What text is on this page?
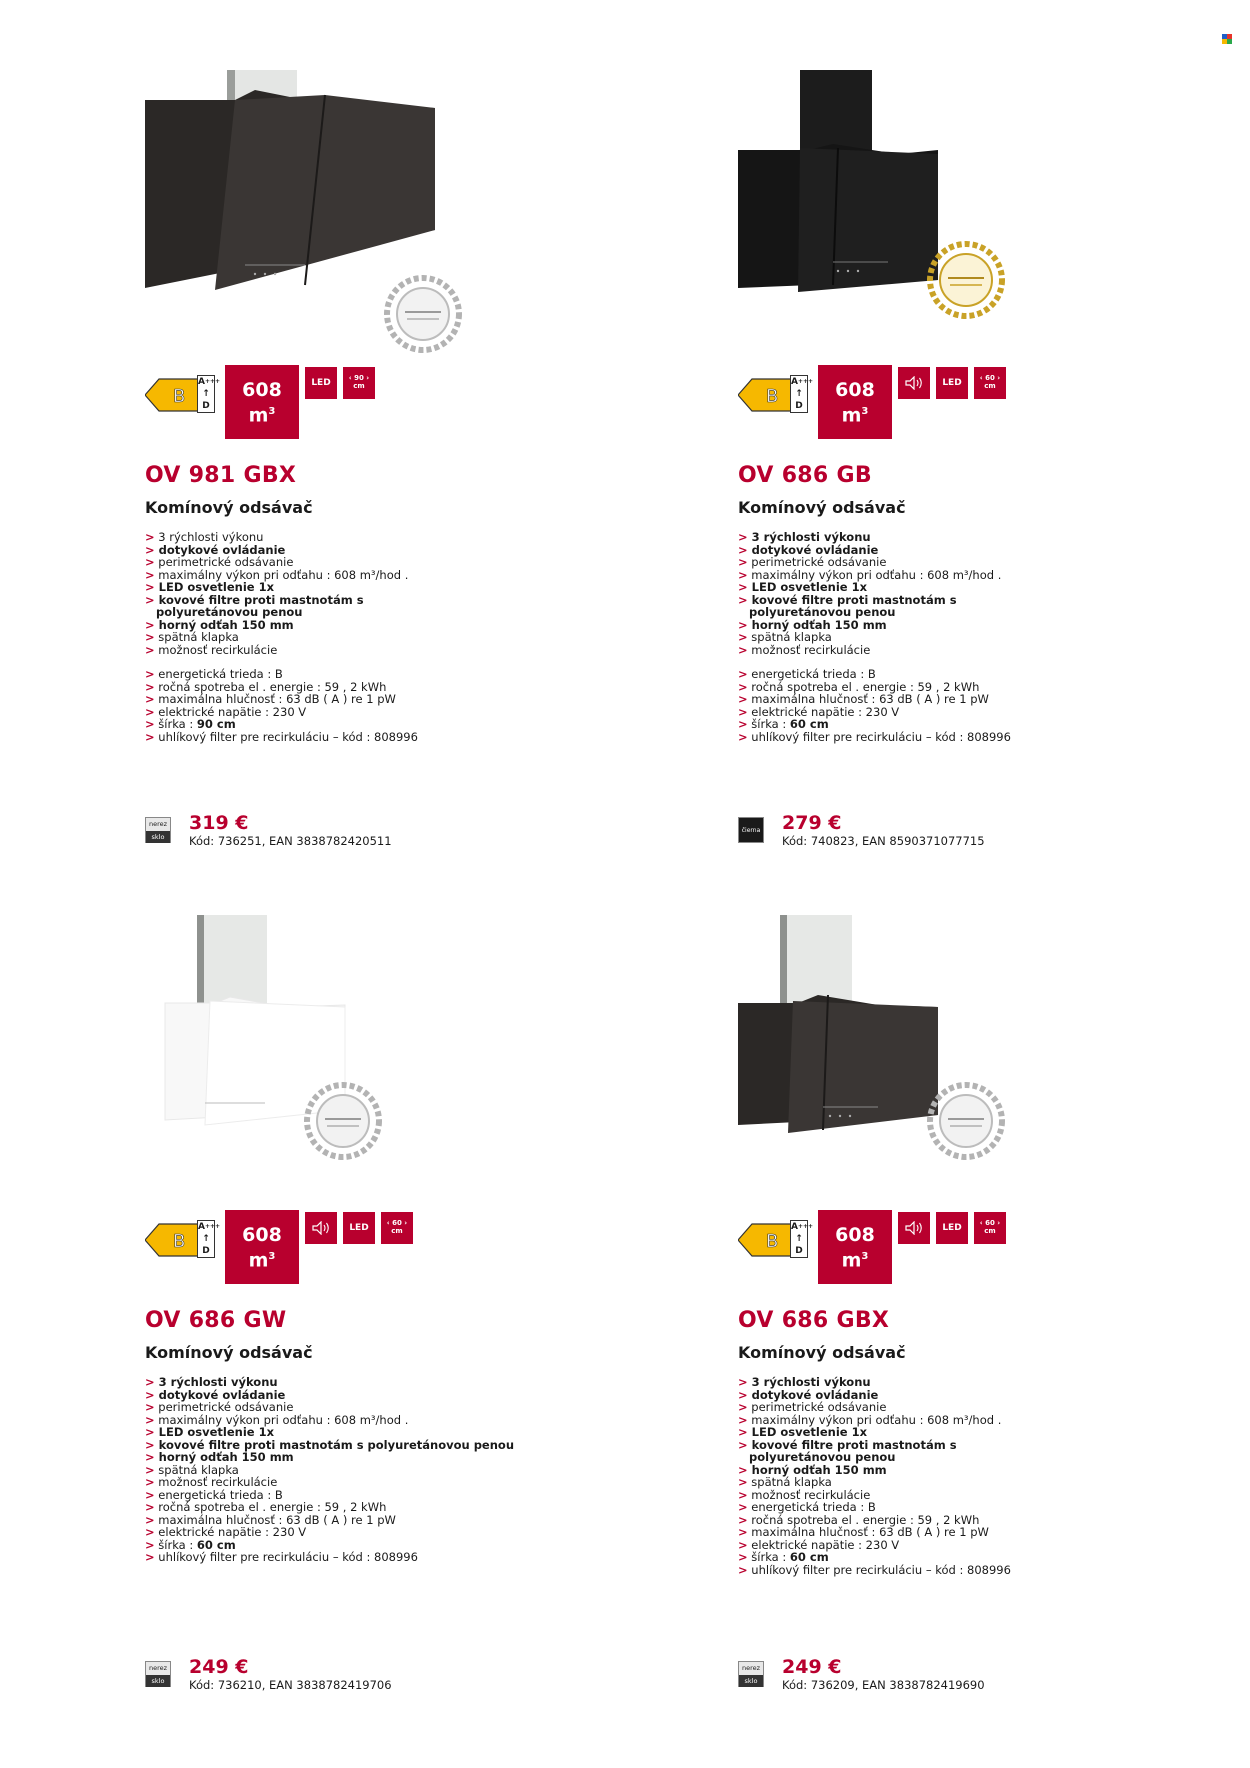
B
A+++
↑
D
608
$m^3$
LED	‹ 90 ›
cm
OV 981 GBX
Komínový odsávač
> 3 rýchlosti výkonu
> dotykové ovládanie
> perimetrické odsávanie
> maximálny výkon pri odťahu : 608 m³/hod .
> LED osvetlenie 1x
> kovové filtre proti mastnotám s polyuretánovou penou
> horný odťah 150 mm
> spätná klapka
> možnosť recirkulácie
> energetická trieda : B
> ročná spotreba el . energie : 59 , 2 kWh
> maximálna hlučnosť : 63 dB ( A ) re 1 pW
> elektrické napätie : 230 V
> šírka : 90 cm
> uhlíkový filter pre recirkuláciu – kód : 808996
nerez
sklo
319 €
Kód: 736251, EAN 3838782420511
B
A+++
↑
D
608
$m^3$
LED	‹ 60 ›
cm
OV 686 GB
Komínový odsávač
> 3 rýchlosti výkonu
> dotykové ovládanie
> perimetrické odsávanie
> maximálny výkon pri odťahu : 608 m³/hod .
> LED osvetlenie 1x
> kovové filtre proti mastnotám s polyuretánovou penou
> horný odťah 150 mm
> spätná klapka
> možnosť recirkulácie
> energetická trieda : B
> ročná spotreba el . energie : 59 , 2 kWh
> maximálna hlučnosť : 63 dB ( A ) re 1 pW
> elektrické napätie : 230 V
> šírka : 60 cm
> uhlíkový filter pre recirkuláciu – kód : 808996
čierna 279 €
Kód: 740823, EAN 8590371077715
B
A+++
↑
D
608
$m^3$
LED	‹ 60 ›
cm
OV 686 GW
Komínový odsávač
> 3 rýchlosti výkonu
> dotykové ovládanie
> perimetrické odsávanie
> maximálny výkon pri odťahu : 608 m³/hod .
> LED osvetlenie 1x
> kovové filtre proti mastnotám s polyuretánovou penou
> horný odťah 150 mm
> spätná klapka
> možnosť recirkulácie
> energetická trieda : B
> ročná spotreba el . energie : 59 , 2 kWh
> maximálna hlučnosť : 63 dB ( A ) re 1 pW
> elektrické napätie : 230 V
> šírka : 60 cm
> uhlíkový filter pre recirkuláciu – kód : 808996
nerez
sklo
249 €
Kód: 736210, EAN 3838782419706
B
A+++
↑
D
608
$m^3$
LED	‹ 60 ›
cm
OV 686 GBX
Komínový odsávač
> 3 rýchlosti výkonu
> dotykové ovládanie
> perimetrické odsávanie
> maximálny výkon pri odťahu : 608 m³/hod .
> LED osvetlenie 1x
> kovové filtre proti mastnotám s polyuretánovou penou
> horný odťah 150 mm
> spätná klapka
> možnosť recirkulácie
> energetická trieda : B
> ročná spotreba el . energie : 59 , 2 kWh
> maximálna hlučnosť : 63 dB ( A ) re 1 pW
> elektrické napätie : 230 V
> šírka : 60 cm
> uhlíkový filter pre recirkuláciu – kód : 808996
nerez
sklo
249 €
Kód: 736209, EAN 3838782419690
